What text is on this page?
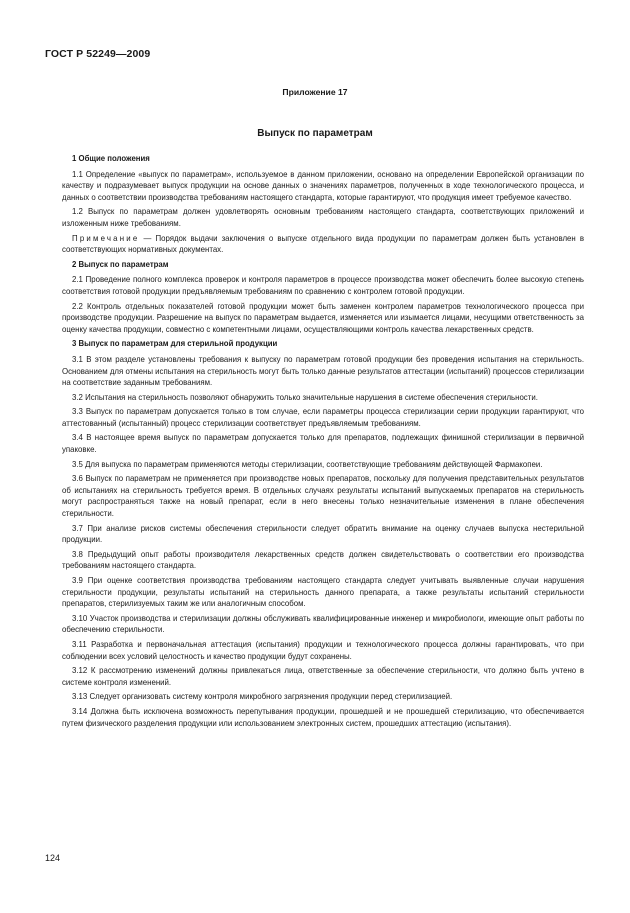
ГОСТ Р 52249—2009
Приложение 17
Выпуск по параметрам
1 Общие положения

1.1 Определение «выпуск по параметрам», используемое в данном приложении, основано на определении Европейской организации по качеству и подразумевает выпуск продукции на основе данных о значениях параметров, полученных в ходе технологического процесса, и данных о соответствии производства требованиям настоящего стандарта, которые гарантируют, что продукция имеет требуемое качество.

1.2 Выпуск по параметрам должен удовлетворять основным требованиям настоящего стандарта, соответствующих приложений и изложенным ниже требованиям.

Примечание — Порядок выдачи заключения о выпуске отдельного вида продукции по параметрам должен быть установлен в соответствующих нормативных документах.

2 Выпуск по параметрам

2.1 Проведение полного комплекса проверок и контроля параметров в процессе производства может обеспечить более высокую степень соответствия готовой продукции предъявляемым требованиям по сравнению с контролем готовой продукции.

2.2 Контроль отдельных показателей готовой продукции может быть заменен контролем параметров технологического процесса при производстве продукции. Разрешение на выпуск по параметрам выдается, изменяется или изымается лицами, несущими ответственность за оценку качества продукции, совместно с компетентными лицами, осуществляющими контроль качества лекарственных средств.

3 Выпуск по параметрам для стерильной продукции

3.1 В этом разделе установлены требования к выпуску по параметрам готовой продукции без проведения испытания на стерильность. Основанием для отмены испытания на стерильность могут быть только данные результатов аттестации (испытаний) процессов стерилизации на соответствие заданным требованиям.

3.2 Испытания на стерильность позволяют обнаружить только значительные нарушения в системе обеспечения стерильности.

3.3 Выпуск по параметрам допускается только в том случае, если параметры процесса стерилизации серии продукции гарантируют, что аттестованный (испытанный) процесс стерилизации соответствует предъявляемым требованиям.

3.4 В настоящее время выпуск по параметрам допускается только для препаратов, подлежащих финишной стерилизации в первичной упаковке.

3.5 Для выпуска по параметрам применяются методы стерилизации, соответствующие требованиям действующей Фармакопеи.

3.6 Выпуск по параметрам не применяется при производстве новых препаратов, поскольку для получения представительных результатов об испытаниях на стерильность требуется время. В отдельных случаях результаты испытаний выпускаемых препаратов на стерильность могут распространяться также на новый препарат, если в него внесены только незначительные изменения в плане обеспечения стерильности.

3.7 При анализе рисков системы обеспечения стерильности следует обратить внимание на оценку случаев выпуска нестерильной продукции.

3.8 Предыдущий опыт работы производителя лекарственных средств должен свидетельствовать о соответствии его производства требованиям настоящего стандарта.

3.9 При оценке соответствия производства требованиям настоящего стандарта следует учитывать выявленные случаи нарушения стерильности продукции, результаты испытаний на стерильность данного препарата, а также результаты испытаний стерильности препаратов, стерилизуемых таким же или аналогичным способом.

3.10 Участок производства и стерилизации должны обслуживать квалифицированные инженер и микробиологи, имеющие опыт работы по обеспечению стерильности.

3.11 Разработка и первоначальная аттестация (испытания) продукции и технологического процесса должны гарантировать, что при соблюдении всех условий целостность и качество продукции будут сохранены.

3.12 К рассмотрению изменений должны привлекаться лица, ответственные за обеспечение стерильности, что должно быть учтено в системе контроля изменений.

3.13 Следует организовать систему контроля микробного загрязнения продукции перед стерилизацией.

3.14 Должна быть исключена возможность перепутывания продукции, прошедшей и не прошедшей стерилизацию, что обеспечивается путем физического разделения продукции или использованием электронных систем, прошедших аттестацию (испытания).

124
